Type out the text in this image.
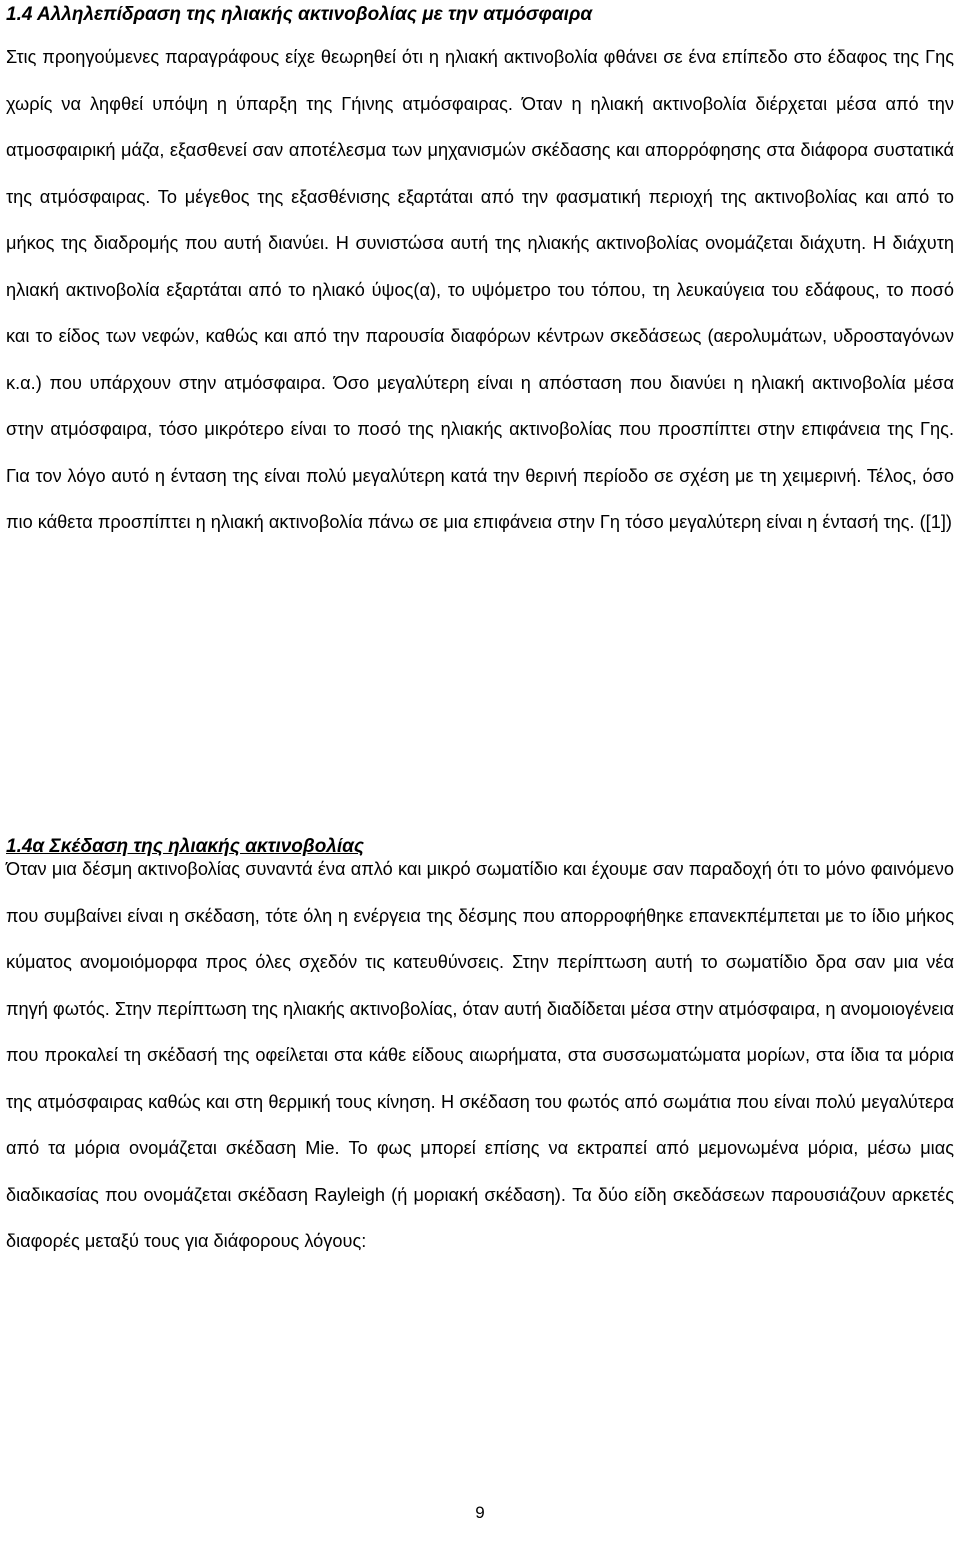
1.4 Αλληλεπίδραση της ηλιακής ακτινοβολίας με την ατμόσφαιρα

Στις προηγούμενες παραγράφους είχε θεωρηθεί ότι η ηλιακή ακτινοβολία φθάνει σε ένα επίπεδο στο έδαφος της Γης χωρίς να ληφθεί υπόψη η ύπαρξη της Γήινης ατμόσφαιρας. Όταν η ηλιακή ακτινοβολία διέρχεται μέσα από την ατμοσφαιρική μάζα, εξασθενεί σαν αποτέλεσμα των μηχανισμών σκέδασης και απορρόφησης στα διάφορα συστατικά της ατμόσφαιρας. Το μέγεθος της εξασθένισης εξαρτάται από την φασματική περιοχή της ακτινοβολίας και από το μήκος της διαδρομής που αυτή διανύει. Η συνιστώσα αυτή της ηλιακής ακτινοβολίας ονομάζεται διάχυτη. Η διάχυτη ηλιακή ακτινοβολία εξαρτάται από το ηλιακό ύψος(α), το υψόμετρο του τόπου, τη λευκαύγεια του εδάφους, το ποσό και το είδος των νεφών, καθώς και από την παρουσία διαφόρων κέντρων σκεδάσεως (αερολυμάτων, υδροσταγόνων κ.α.) που υπάρχουν στην ατμόσφαιρα. Όσο μεγαλύτερη είναι η απόσταση που διανύει η ηλιακή ακτινοβολία μέσα στην ατμόσφαιρα, τόσο μικρότερο είναι το ποσό της ηλιακής ακτινοβολίας που προσπίπτει στην επιφάνεια της Γης. Για τον λόγο αυτό η ένταση της είναι πολύ μεγαλύτερη κατά την θερινή περίοδο σε σχέση με τη χειμερινή. Τέλος, όσο πιο κάθετα προσπίπτει η ηλιακή ακτινοβολία πάνω σε μια επιφάνεια στην Γη τόσο μεγαλύτερη είναι η έντασή της. ([1])

1.4α Σκέδαση της ηλιακής ακτινοβολίας

Όταν μια δέσμη ακτινοβολίας συναντά ένα απλό και μικρό σωματίδιο και έχουμε σαν παραδοχή ότι το μόνο φαινόμενο που συμβαίνει είναι η σκέδαση, τότε όλη η ενέργεια της δέσμης που απορροφήθηκε επανεκπέμπεται με το ίδιο μήκος κύματος ανομοιόμορφα προς όλες σχεδόν τις κατευθύνσεις. Στην περίπτωση αυτή το σωματίδιο δρα σαν μια νέα πηγή φωτός. Στην περίπτωση της ηλιακής ακτινοβολίας, όταν αυτή διαδίδεται μέσα στην ατμόσφαιρα, η ανομοιογένεια που προκαλεί τη σκέδασή της οφείλεται στα κάθε είδους αιωρήματα, στα συσσωματώματα μορίων, στα ίδια τα μόρια της ατμόσφαιρας καθώς και στη θερμική τους κίνηση. Η σκέδαση του φωτός από σωμάτια που είναι πολύ μεγαλύτερα από τα μόρια ονομάζεται σκέδαση Mie. Το φως μπορεί επίσης να εκτραπεί από μεμονωμένα μόρια, μέσω μιας διαδικασίας που ονομάζεται σκέδαση Rayleigh (ή μοριακή σκέδαση). Τα δύο είδη σκεδάσεων παρουσιάζουν αρκετές διαφορές μεταξύ τους για διάφορους λόγους:

9
